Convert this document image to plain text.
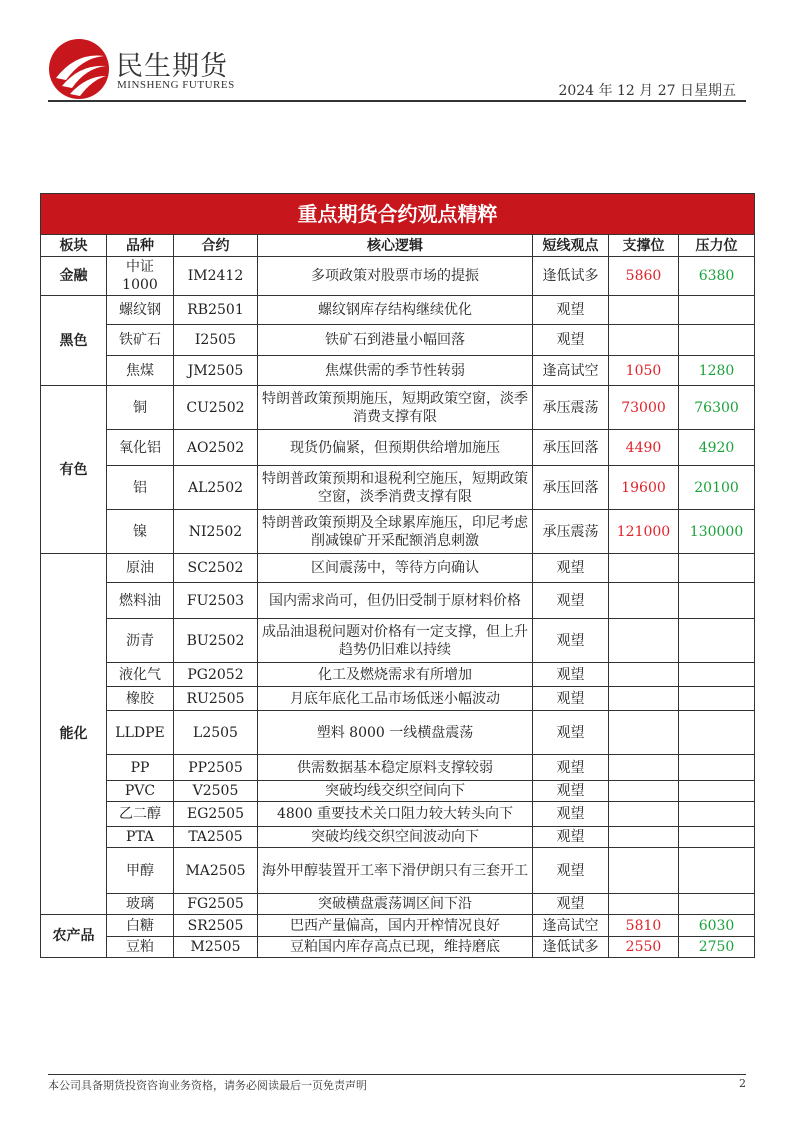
民生期货
MINSHENG FUTURES	2024 年 12 月 27 日星期五
重点期货合约观点精粹						
板块	品种	合约	核心逻辑	短线观点	支撑位	压力位
金融	中证1000	IM2412	多项政策对股票市场的提振	逢低试多	5860	6380
黑色	螺纹钢	RB2501	螺纹钢库存结构继续优化	观望		
	铁矿石	I2505	铁矿石到港量小幅回落	观望		
	焦煤	JM2505	焦煤供需的季节性转弱	逢高试空	1050	1280
有色	铜	CU2502	特朗普政策预期施压，短期政策空窗，淡季消费支撑有限	承压震荡	73000	76300
	氧化铝	AO2502	现货仍偏紧，但预期供给增加施压	承压回落	4490	4920
	铝	AL2502	特朗普政策预期和退税利空施压，短期政策空窗，淡季消费支撑有限	承压回落	19600	20100
	镍	NI2502	特朗普政策预期及全球累库施压，印尼考虑削减镍矿开采配额消息刺激	承压震荡	121000	130000
能化	原油	SC2502	区间震荡中，等待方向确认	观望		
	燃料油	FU2503	国内需求尚可，但仍旧受制于原材料价格	观望		
	沥青	BU2502	成品油退税问题对价格有一定支撑，但上升趋势仍旧难以持续	观望		
	液化气	PG2052	化工及燃烧需求有所增加	观望		
	橡胶	RU2505	月底年底化工品市场低迷小幅波动	观望		
	LLDPE	L2505	塑料 8000 一线横盘震荡	观望		
	PP	PP2505	供需数据基本稳定原料支撑较弱	观望		
	PVC	V2505	突破均线交织空间向下	观望		
	乙二醇	EG2505	4800 重要技术关口阻力较大转头向下	观望		
	PTA	TA2505	突破均线交织空间波动向下	观望		
	甲醇	MA2505	海外甲醇装置开工率下滑伊朗只有三套开工	观望		
	玻璃	FG2505	突破横盘震荡调区间下沿	观望		
农产品	白糖	SR2505	巴西产量偏高，国内开榨情况良好	逢高试空	5810	6030
	豆粕	M2505	豆粕国内库存高点已现，维持磨底	逢低试多	2550	2750
本公司具备期货投资咨询业务资格，请务必阅读最后一页免责声明	2
